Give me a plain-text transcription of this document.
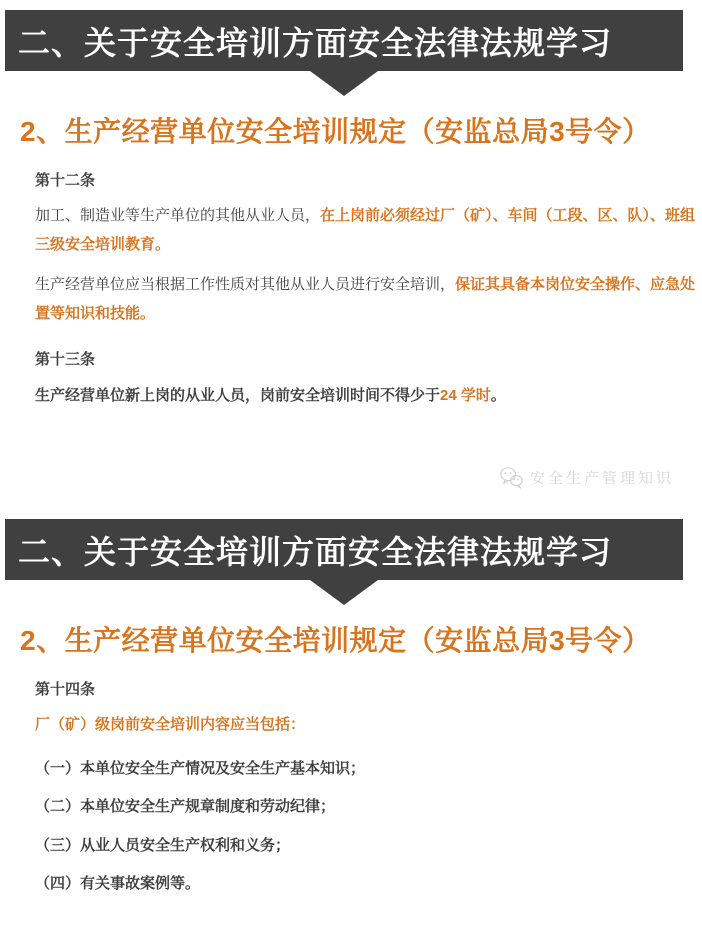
二、关于安全培训方面安全法律法规学习
2、生产经营单位安全培训规定（安监总局3号令）
第十二条

加工、制造业等生产单位的其他从业人员，在上岗前必须经过厂（矿）、车间（工段、区、队）、班组三级安全培训教育。

生产经营单位应当根据工作性质对其他从业人员进行安全培训，保证其具备本岗位安全操作、应急处置等知识和技能。

第十三条

生产经营单位新上岗的从业人员，岗前安全培训时间不得少于24 学时。

安全生产管理知识
二、关于安全培训方面安全法律法规学习
2、生产经营单位安全培训规定（安监总局3号令）
第十四条

厂（矿）级岗前安全培训内容应当包括：

（一）本单位安全生产情况及安全生产基本知识；

（二）本单位安全生产规章制度和劳动纪律；

（三）从业人员安全生产权利和义务；

（四）有关事故案例等。
